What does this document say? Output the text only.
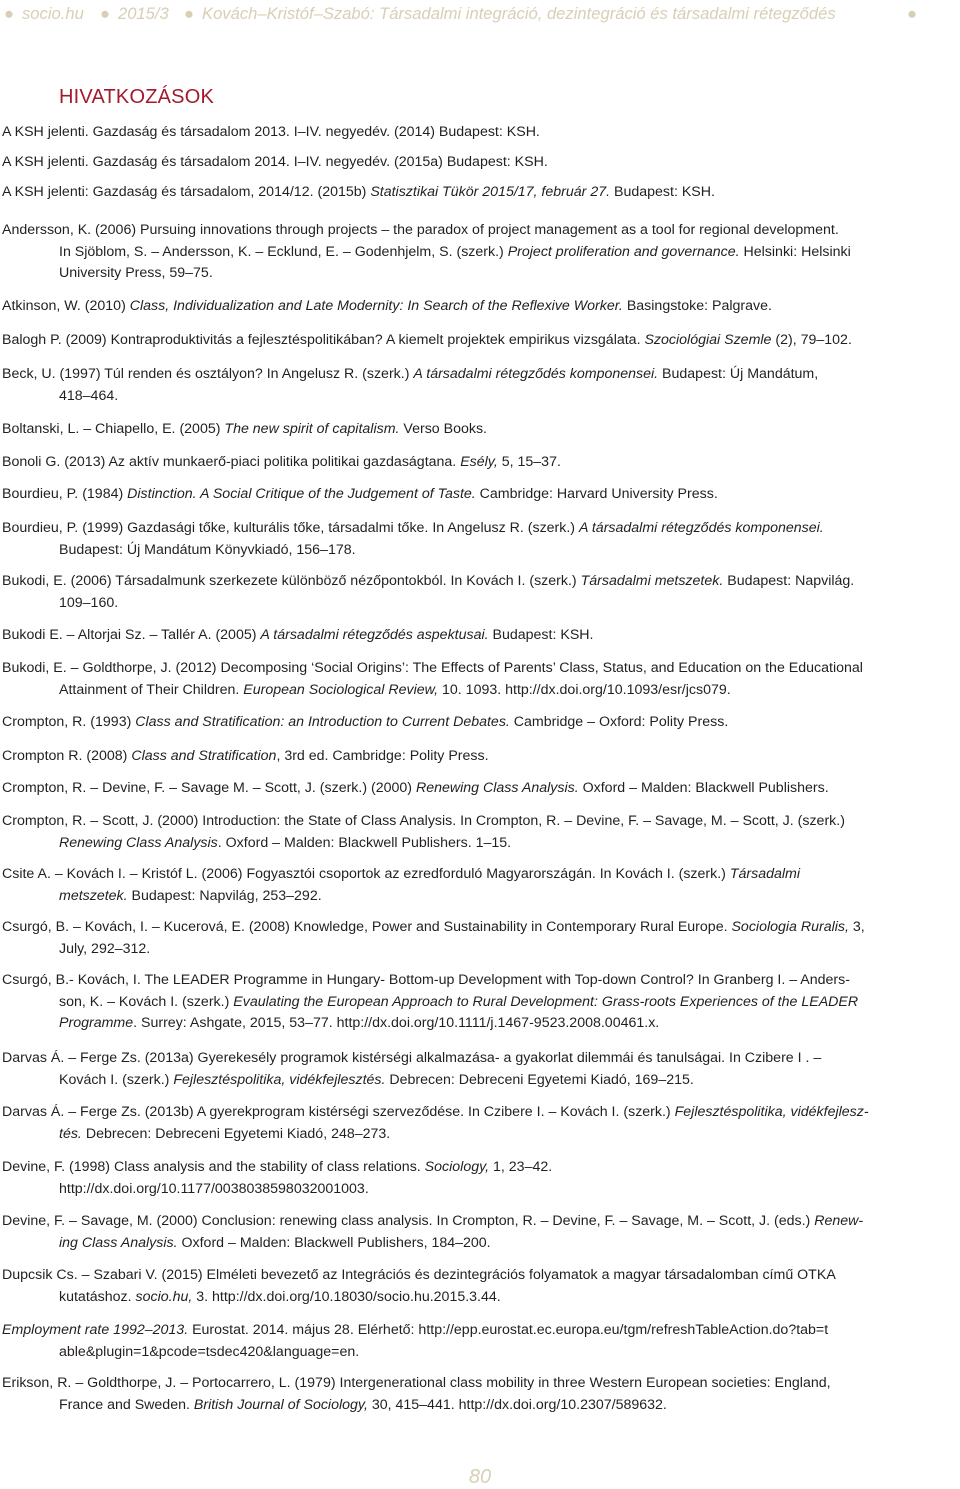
● socio.hu ● 2015/3 ● Kovách–Kristóf–Szabó: Társadalmi integráció, dezintegráció és társadalmi rétegződés	●
HIVATKOZÁSOK
A KSH jelenti. Gazdaság és társadalom 2013. I–IV. negyedév. (2014) Budapest: KSH.
A KSH jelenti. Gazdaság és társadalom 2014. I–IV. negyedév. (2015a) Budapest: KSH.
A KSH jelenti: Gazdaság és társadalom, 2014/12. (2015b) Statisztikai Tükör 2015/17, február 27. Budapest: KSH.
Andersson, K. (2006) Pursuing innovations through projects – the paradox of project management as a tool for regional development.
In Sjöblom, S. – Andersson, K. – Ecklund, E. – Godenhjelm, S. (szerk.) Project proliferation and governance. Helsinki: Helsinki
University Press, 59–75.
Atkinson, W. (2010) Class, Individualization and Late Modernity: In Search of the Reflexive Worker. Basingstoke: Palgrave.
Balogh P. (2009) Kontraproduktivitás a fejlesztéspolitikában? A kiemelt projektek empirikus vizsgálata. Szociológiai Szemle (2), 79–102.
Beck, U. (1997) Túl renden és osztályon? In Angelusz R. (szerk.) A társadalmi rétegződés komponensei. Budapest: Új Mandátum,
418–464.
Boltanski, L. – Chiapello, E. (2005) The new spirit of capitalism. Verso Books.
Bonoli G. (2013) Az aktív munkaerő-piaci politika politikai gazdaságtana. Esély, 5, 15–37.
Bourdieu, P. (1984) Distinction. A Social Critique of the Judgement of Taste. Cambridge: Harvard University Press.
Bourdieu, P. (1999) Gazdasági tőke, kulturális tőke, társadalmi tőke. In Angelusz R. (szerk.) A társadalmi rétegződés komponensei.
Budapest: Új Mandátum Könyvkiadó, 156–178.
Bukodi, E. (2006) Társadalmunk szerkezete különböző nézőpontokból. In Kovách I. (szerk.) Társadalmi metszetek. Budapest: Napvilág.
109–160.
Bukodi E. – Altorjai Sz. – Tallér A. (2005) A társadalmi rétegződés aspektusai. Budapest: KSH.
Bukodi, E. – Goldthorpe, J. (2012) Decomposing ‘Social Origins’: The Effects of Parents’ Class, Status, and Education on the Educational
Attainment of Their Children. European Sociological Review, 10. 1093. http://dx.doi.org/10.1093/esr/jcs079.
Crompton, R. (1993) Class and Stratification: an Introduction to Current Debates. Cambridge – Oxford: Polity Press.
Crompton R. (2008) Class and Stratification, 3rd ed. Cambridge: Polity Press.
Crompton, R. – Devine, F. – Savage M. – Scott, J. (szerk.) (2000) Renewing Class Analysis. Oxford – Malden: Blackwell Publishers.
Crompton, R. – Scott, J. (2000) Introduction: the State of Class Analysis. In Crompton, R. – Devine, F. – Savage, M. – Scott, J. (szerk.)
Renewing Class Analysis. Oxford – Malden: Blackwell Publishers. 1–15.
Csite A. – Kovách I. – Kristóf L. (2006) Fogyasztói csoportok az ezredforduló Magyarországán. In Kovách I. (szerk.) Társadalmi
metszetek. Budapest: Napvilág, 253–292.
Csurgó, B. – Kovách, I. – Kucerová, E. (2008) Knowledge, Power and Sustainability in Contemporary Rural Europe. Sociologia Ruralis, 3,
July, 292–312.
Csurgó, B.- Kovách, I. The LEADER Programme in Hungary- Bottom-up Development with Top-down Control? In Granberg I. – Anders-
son, K. – Kovách I. (szerk.) Evaulating the European Approach to Rural Development: Grass-roots Experiences of the LEADER
Programme. Surrey: Ashgate, 2015, 53–77. http://dx.doi.org/10.1111/j.1467-9523.2008.00461.x.
Darvas Á. – Ferge Zs. (2013a) Gyerekesély programok kistérségi alkalmazása- a gyakorlat dilemmái és tanulságai. In Czibere I . –
Kovách I. (szerk.) Fejlesztéspolitika, vidékfejlesztés. Debrecen: Debreceni Egyetemi Kiadó, 169–215.
Darvas Á. – Ferge Zs. (2013b) A gyerekprogram kistérségi szerveződése. In Czibere I. – Kovách I. (szerk.) Fejlesztéspolitika, vidékfejlesz-
tés. Debrecen: Debreceni Egyetemi Kiadó, 248–273.
Devine, F. (1998) Class analysis and the stability of class relations. Sociology, 1, 23–42.
http://dx.doi.org/10.1177/0038038598032001003.
Devine, F. – Savage, M. (2000) Conclusion: renewing class analysis. In Crompton, R. – Devine, F. – Savage, M. – Scott, J. (eds.) Renew-
ing Class Analysis. Oxford – Malden: Blackwell Publishers, 184–200.
Dupcsik Cs. – Szabari V. (2015) Elméleti bevezető az Integrációs és dezintegrációs folyamatok a magyar társadalomban című OTKA
kutatáshoz. socio.hu, 3. http://dx.doi.org/10.18030/socio.hu.2015.3.44.
Employment rate 1992–2013. Eurostat. 2014. május 28. Elérhető: http://epp.eurostat.ec.europa.eu/tgm/refreshTableAction.do?tab=t
able&plugin=1&pcode=tsdec420&language=en.
Erikson, R. – Goldthorpe, J. – Portocarrero, L. (1979) Intergenerational class mobility in three Western European societies: England,
France and Sweden. British Journal of Sociology, 30, 415–441. http://dx.doi.org/10.2307/589632.
80
